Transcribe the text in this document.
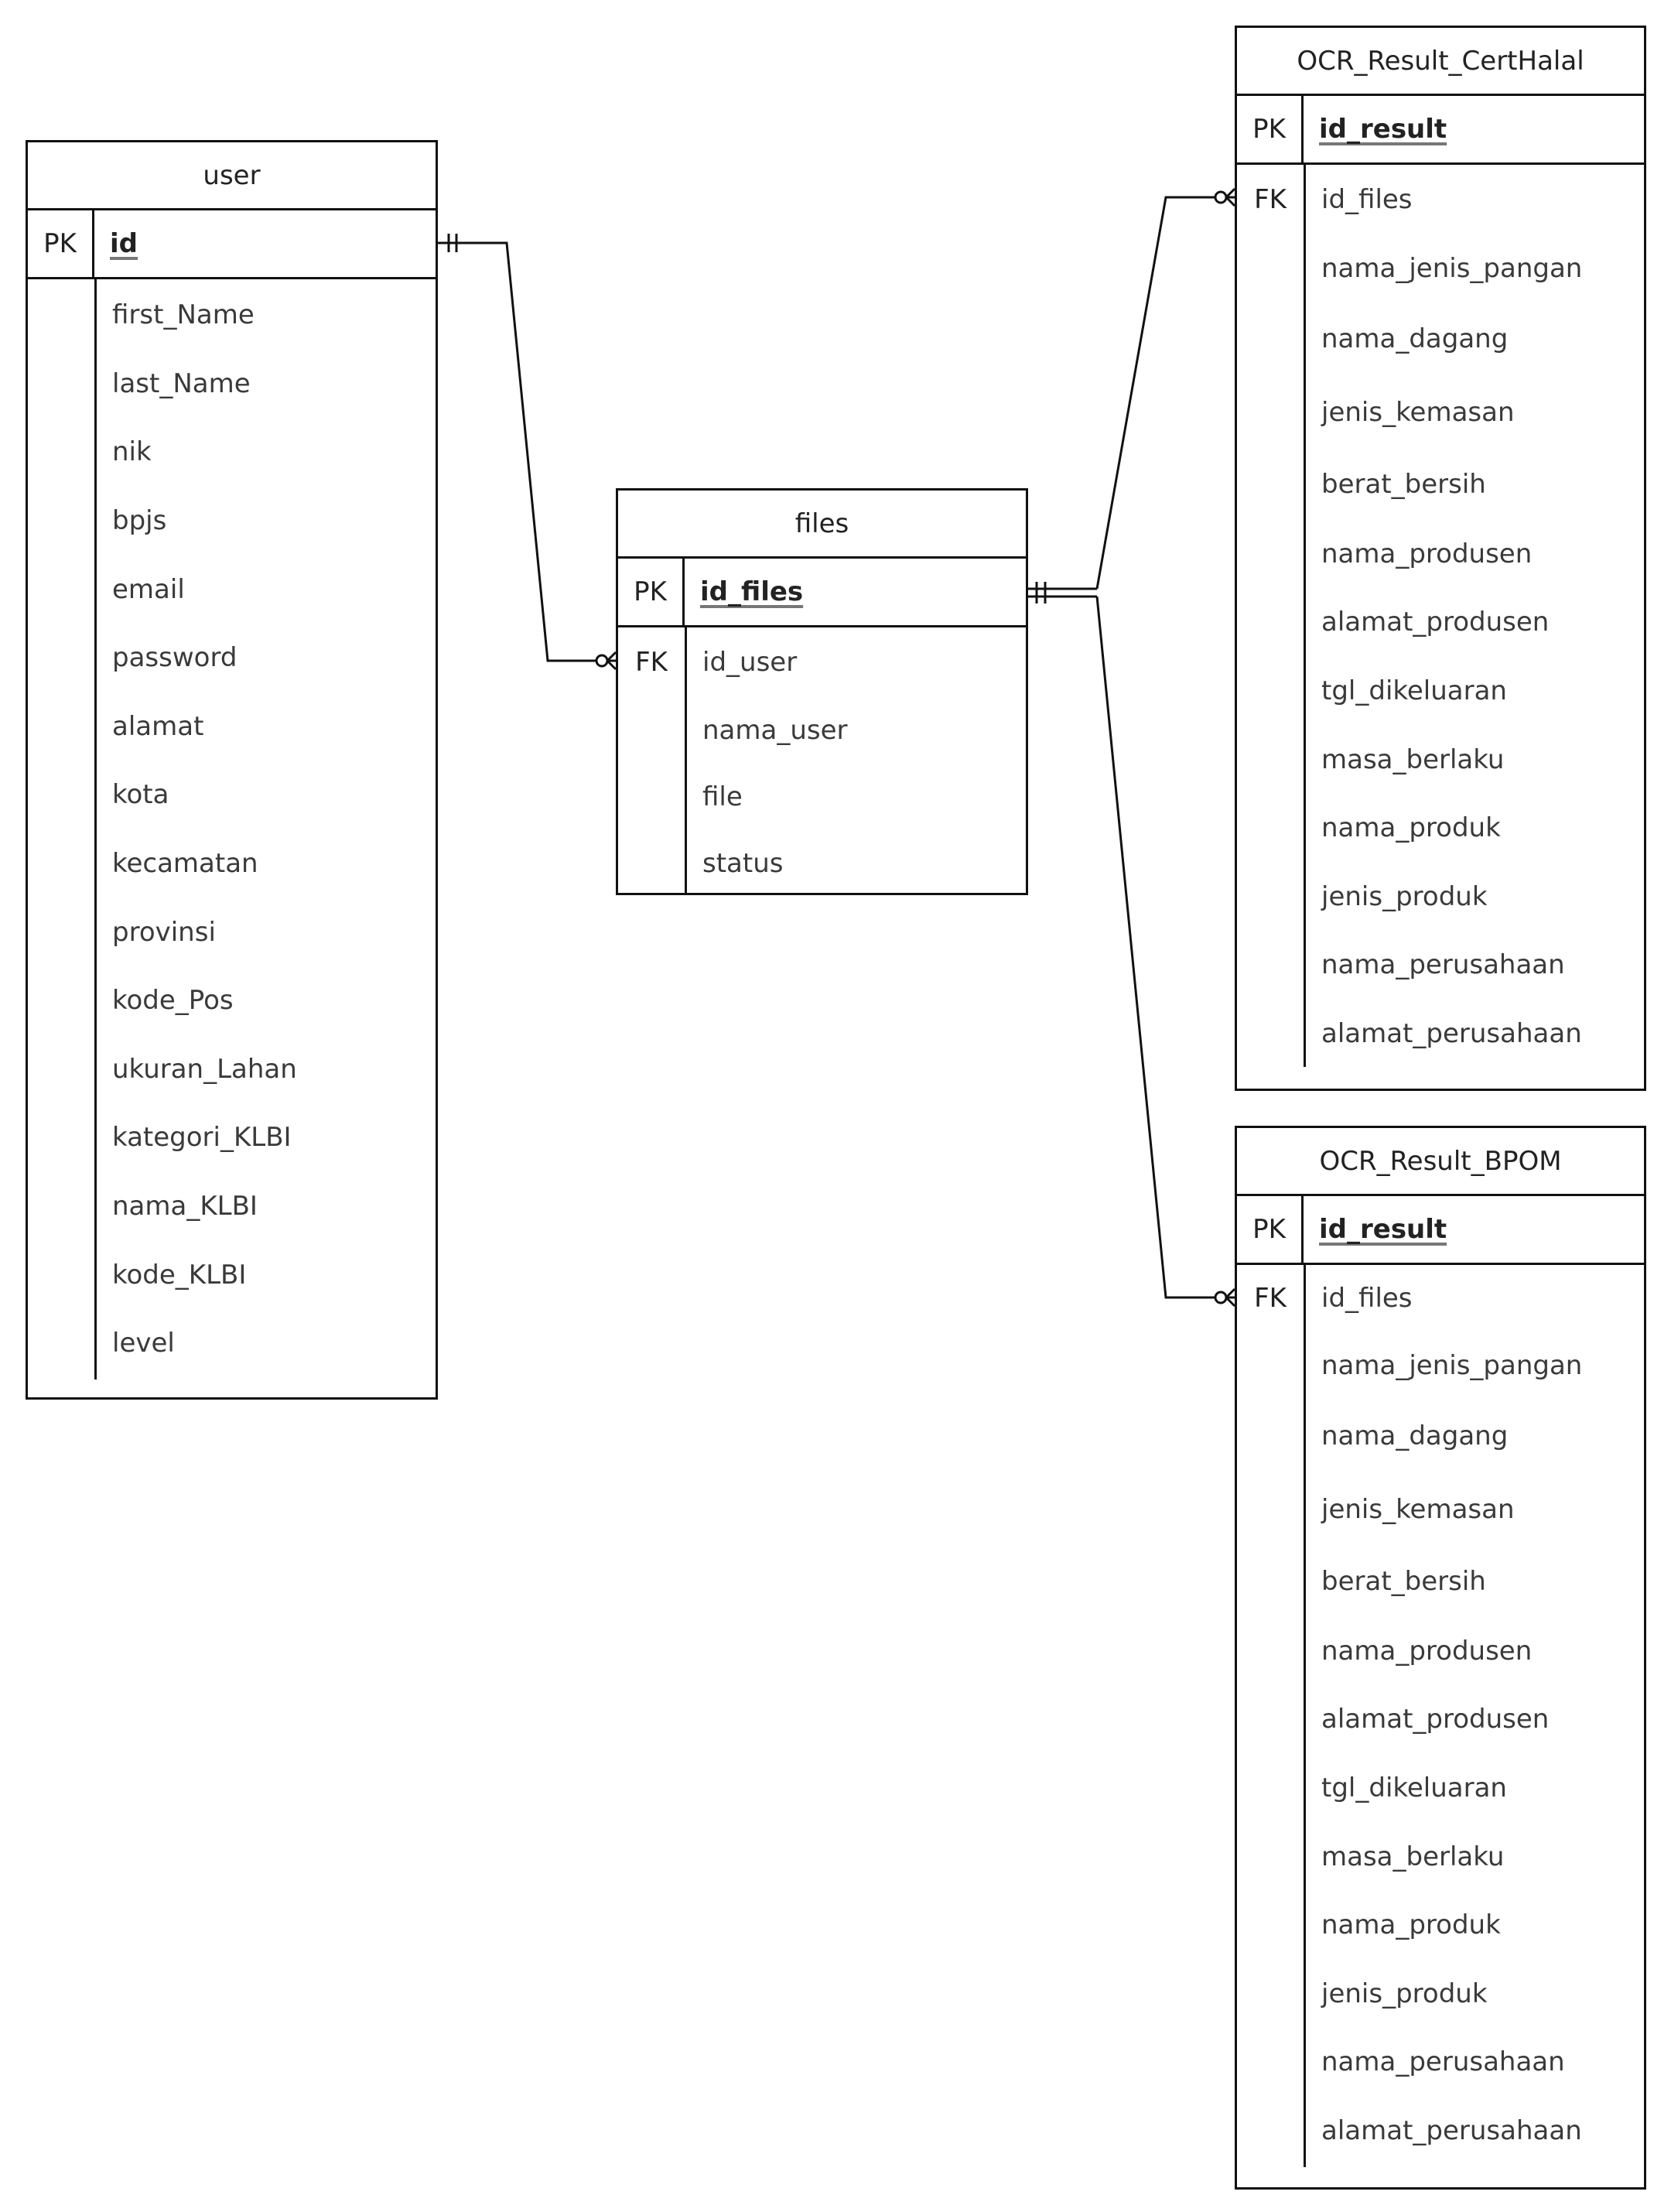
user
PK	id
first_Name
last_Name
nik
bpjs
email
password
alamat
kota
kecamatan
provinsi
kode_Pos
ukuran_Lahan
kategori_KLBI
nama_KLBI
kode_KLBI
level
files
PK	id_files
FK	id_user
nama_user
file
status
OCR_Result_CertHalal
PK	id_result
FK	id_files
nama_jenis_pangan
nama_dagang
jenis_kemasan
berat_bersih
nama_produsen
alamat_produsen
tgl_dikeluaran
masa_berlaku
nama_produk
jenis_produk
nama_perusahaan
alamat_perusahaan
OCR_Result_BPOM
PK	id_result
FK	id_files
nama_jenis_pangan
nama_dagang
jenis_kemasan
berat_bersih
nama_produsen
alamat_produsen
tgl_dikeluaran
masa_berlaku
nama_produk
jenis_produk
nama_perusahaan
alamat_perusahaan
